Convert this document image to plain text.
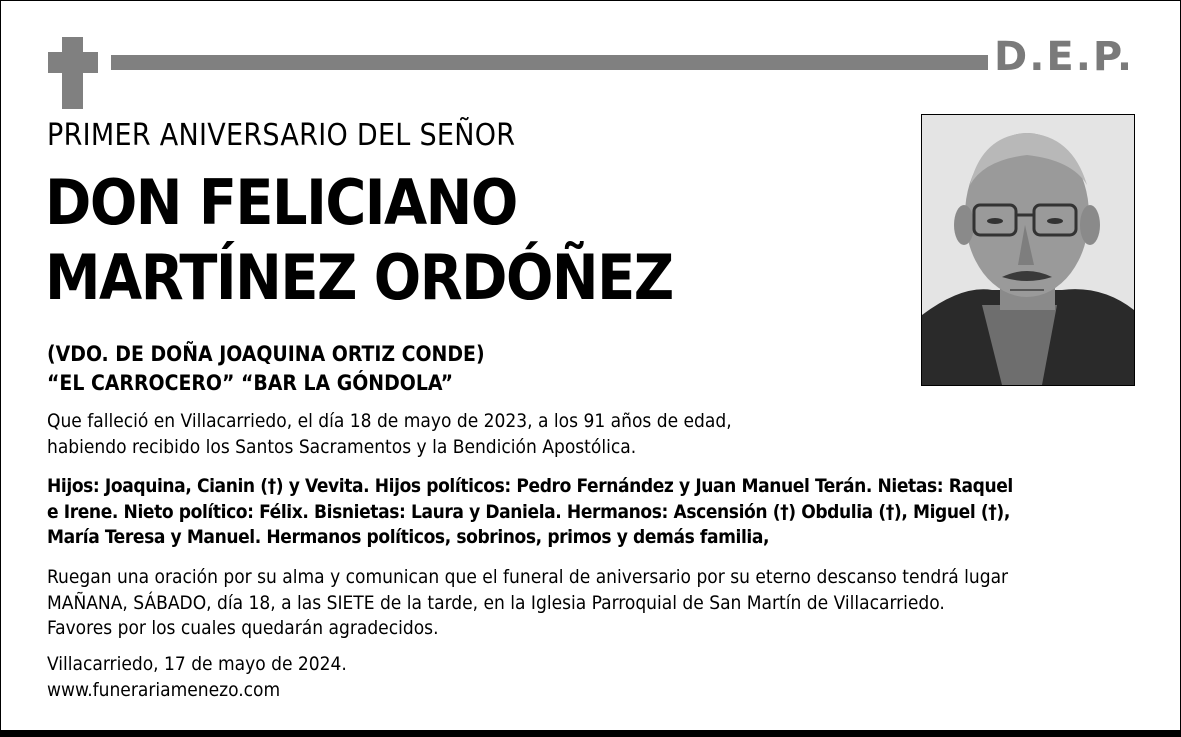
D.E.P.
PRIMER ANIVERSARIO DEL SEÑOR
DON FELICIANO
MARTÍNEZ ORDÓÑEZ
(VDO. DE DOÑA JOAQUINA ORTIZ CONDE)
“EL CARROCERO” “BAR LA GÓNDOLA”
Que falleció en Villacarriedo, el día 18 de mayo de 2023, a los 91 años de edad,
habiendo recibido los Santos Sacramentos y la Bendición Apostólica.
Hijos: Joaquina, Cianin (†) y Vevita. Hijos políticos: Pedro Fernández y Juan Manuel Terán. Nietas: Raquel
e Irene. Nieto político: Félix. Bisnietas: Laura y Daniela. Hermanos: Ascensión (†) Obdulia (†), Miguel (†),
María Teresa y Manuel. Hermanos políticos, sobrinos, primos y demás familia,
Ruegan una oración por su alma y comunican que el funeral de aniversario por su eterno descanso tendrá lugar
MAÑANA, SÁBADO, día 18, a las SIETE de la tarde, en la Iglesia Parroquial de San Martín de Villacarriedo.
Favores por los cuales quedarán agradecidos.
Villacarriedo, 17 de mayo de 2024.
www.funerariamenezo.com
